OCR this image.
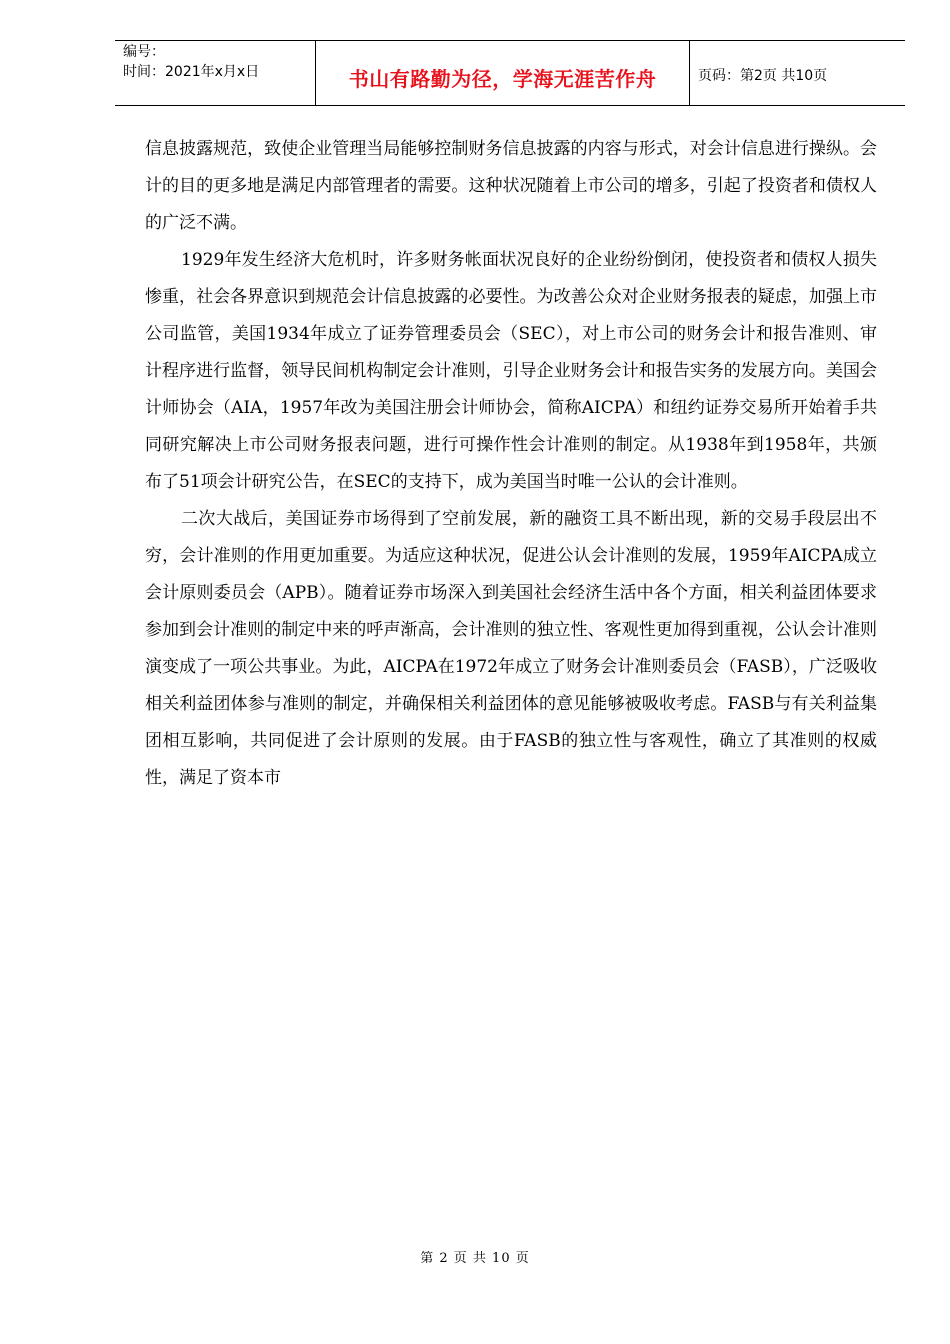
编号：
时间：2021年x月x日	书山有路勤为径，学海无涯苦作舟	页码：第2页 共10页

信息披露规范，致使企业管理当局能够控制财务信息披露的内容与形式，对会计信息进行操纵。会计的目的更多地是满足内部管理者的需要。这种状况随着上市公司的增多，引起了投资者和债权人的广泛不满。

1929年发生经济大危机时，许多财务帐面状况良好的企业纷纷倒闭，使投资者和债权人损失惨重，社会各界意识到规范会计信息披露的必要性。为改善公众对企业财务报表的疑虑，加强上市公司监管，美国1934年成立了证券管理委员会（SEC），对上市公司的财务会计和报告准则、审计程序进行监督，领导民间机构制定会计准则，引导企业财务会计和报告实务的发展方向。美国会计师协会（AIA，1957年改为美国注册会计师协会，简称AICPA）和纽约证券交易所开始着手共同研究解决上市公司财务报表问题，进行可操作性会计准则的制定。从1938年到1958年，共颁布了51项会计研究公告，在SEC的支持下，成为美国当时唯一公认的会计准则。

二次大战后，美国证券市场得到了空前发展，新的融资工具不断出现，新的交易手段层出不穷，会计准则的作用更加重要。为适应这种状况，促进公认会计准则的发展，1959年AICPA成立会计原则委员会（APB）。随着证券市场深入到美国社会经济生活中各个方面，相关利益团体要求参加到会计准则的制定中来的呼声渐高，会计准则的独立性、客观性更加得到重视，公认会计准则演变成了一项公共事业。为此，AICPA在1972年成立了财务会计准则委员会（FASB），广泛吸收相关利益团体参与准则的制定，并确保相关利益团体的意见能够被吸收考虑。FASB与有关利益集团相互影响，共同促进了会计原则的发展。由于FASB的独立性与客观性，确立了其准则的权威性，满足了资本市

第 2 页 共 10 页
